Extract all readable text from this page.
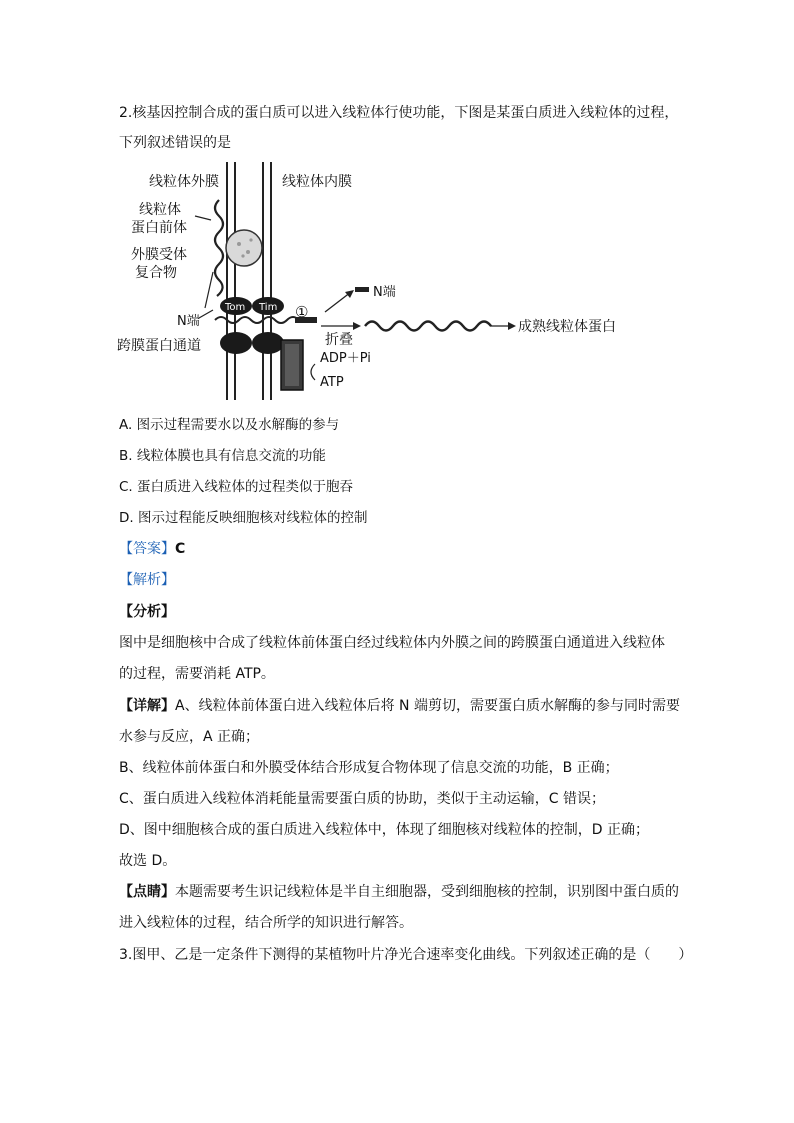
2.核基因控制合成的蛋白质可以进入线粒体行使功能，下图是某蛋白质进入线粒体的过程，
下列叙述错误的是
线粒体外膜	线粒体内膜
线粒体
蛋白前体
外膜受体
复合物
N端
Tom Tim ①
N端
折叠
成熟线粒体蛋白
跨膜蛋白通道
ADP＋Pi
ATP
A. 图示过程需要水以及水解酶的参与
B. 线粒体膜也具有信息交流的功能
C. 蛋白质进入线粒体的过程类似于胞吞
D. 图示过程能反映细胞核对线粒体的控制
【答案】C
【解析】
【分析】
图中是细胞核中合成了线粒体前体蛋白经过线粒体内外膜之间的跨膜蛋白通道进入线粒体
的过程，需要消耗 ATP。
【详解】A、线粒体前体蛋白进入线粒体后将 N 端剪切，需要蛋白质水解酶的参与同时需要
水参与反应，A 正确；
B、线粒体前体蛋白和外膜受体结合形成复合物体现了信息交流的功能，B 正确；
C、蛋白质进入线粒体消耗能量需要蛋白质的协助，类似于主动运输，C 错误；
D、图中细胞核合成的蛋白质进入线粒体中，体现了细胞核对线粒体的控制，D 正确；
故选 D。
【点睛】本题需要考生识记线粒体是半自主细胞器，受到细胞核的控制，识别图中蛋白质的
进入线粒体的过程，结合所学的知识进行解答。
3.图甲、乙是一定条件下测得的某植物叶片净光合速率变化曲线。下列叙述正确的是（　　）
